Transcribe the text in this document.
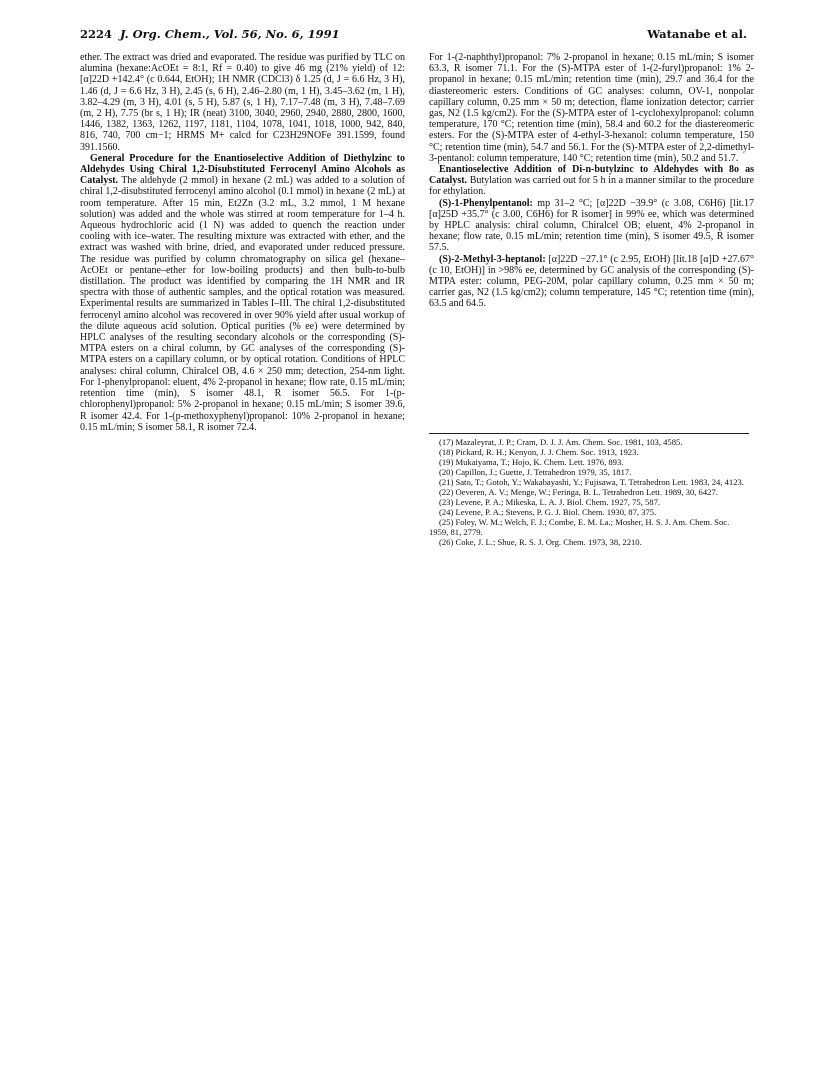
2224 J. Org. Chem., Vol. 56, No. 6, 1991	Watanabe et al.

ether. The extract was dried and evaporated. The residue was purified by TLC on alumina (hexane:AcOEt = 8:1, Rf = 0.40) to give 46 mg (21% yield) of 12: [α]22D +142.4° (c 0.644, EtOH); 1H NMR (CDCl3) δ 1.25 (d, J = 6.6 Hz, 3 H), 1.46 (d, J = 6.6 Hz, 3 H), 2.45 (s, 6 H), 2.46–2.80 (m, 1 H), 3.45–3.62 (m, 1 H), 3.82–4.29 (m, 3 H), 4.01 (s, 5 H), 5.87 (s, 1 H), 7.17–7.48 (m, 3 H), 7.48–7.69 (m, 2 H), 7.75 (br s, 1 H); IR (neat) 3100, 3040, 2960, 2940, 2880, 2800, 1600, 1446, 1382, 1363, 1262, 1197, 1181, 1104, 1078, 1041, 1018, 1000, 942, 840, 816, 740, 700 cm−1; HRMS M+ calcd for C23H29NOFe 391.1599, found 391.1560.

General Procedure for the Enantioselective Addition of Diethylzinc to Aldehydes Using Chiral 1,2-Disubstituted Ferrocenyl Amino Alcohols as Catalyst. The aldehyde (2 mmol) in hexane (2 mL) was added to a solution of chiral 1,2-disubstituted ferrocenyl amino alcohol (0.1 mmol) in hexane (2 mL) at room temperature. After 15 min, Et2Zn (3.2 mL, 3.2 mmol, 1 M hexane solution) was added and the whole was stirred at room temperature for 1–4 h. Aqueous hydrochloric acid (1 N) was added to quench the reaction under cooling with ice–water. The resulting mixture was extracted with ether, and the extract was washed with brine, dried, and evaporated under reduced pressure. The residue was purified by column chromatography on silica gel (hexane–AcOEt or pentane–ether for low-boiling products) and then bulb-to-bulb distillation. The product was identified by comparing the 1H NMR and IR spectra with those of authentic samples, and the optical rotation was measured. Experimental results are summarized in Tables I–III. The chiral 1,2-disubstituted ferrocenyl amino alcohol was recovered in over 90% yield after usual workup of the dilute aqueous acid solution. Optical purities (% ee) were determined by HPLC analyses of the resulting secondary alcohols or the corresponding (S)-MTPA esters on a chiral column, by GC analyses of the corresponding (S)-MTPA esters on a capillary column, or by optical rotation. Conditions of HPLC analyses: chiral column, Chiralcel OB, 4.6 × 250 mm; detection, 254-nm light. For 1-phenylpropanol: eluent, 4% 2-propanol in hexane; flow rate, 0.15 mL/min; retention time (min), S isomer 48.1, R isomer 56.5. For 1-(p-chlorophenyl)propanol: 5% 2-propanol in hexane; 0.15 mL/min; S isomer 39.6, R isomer 42.4. For 1-(p-methoxyphenyl)propanol: 10% 2-propanol in hexane; 0.15 mL/min; S isomer 58.1, R isomer 72.4.

For 1-(2-naphthyl)propanol: 7% 2-propanol in hexane; 0.15 mL/min; S isomer 63.3, R isomer 71.1. For the (S)-MTPA ester of 1-(2-furyl)propanol: 1% 2-propanol in hexane; 0.15 mL/min; retention time (min), 29.7 and 36.4 for the diastereomeric esters. Conditions of GC analyses: column, OV-1, nonpolar capillary column, 0.25 mm × 50 m; detection, flame ionization detector; carrier gas, N2 (1.5 kg/cm2). For the (S)-MTPA ester of 1-cyclohexylpropanol: column temperature, 170 °C; retention time (min), 58.4 and 60.2 for the diastereomeric esters. For the (S)-MTPA ester of 4-ethyl-3-hexanol: column temperature, 150 °C; retention time (min), 54.7 and 56.1. For the (S)-MTPA ester of 2,2-dimethyl-3-pentanol: column temperature, 140 °C; retention time (min), 50.2 and 51.7.

Enantioselective Addition of Di-n-butylzinc to Aldehydes with 8o as Catalyst. Butylation was carried out for 5 h in a manner similar to the procedure for ethylation.

(S)-1-Phenylpentanol: mp 31–2 °C; [α]22D −39.9° (c 3.08, C6H6) [lit.17 [α]25D +35.7° (c 3.00, C6H6) for R isomer] in 99% ee, which was determined by HPLC analysis: chiral column, Chiralcel OB; eluent, 4% 2-propanol in hexane; flow rate, 0.15 mL/min; retention time (min), S isomer 49.5, R isomer 57.5.

(S)-2-Methyl-3-heptanol: [α]22D −27.1° (c 2.95, EtOH) [lit.18 [α]D +27.67° (c 10, EtOH)] in >98% ee, determined by GC analysis of the corresponding (S)-MTPA ester: column, PEG-20M, polar capillary column, 0.25 mm × 50 m; carrier gas, N2 (1.5 kg/cm2); column temperature, 145 °C; retention time (min), 63.5 and 64.5.

(17) Mazaleyrat, J. P.; Cram, D. J. J. Am. Chem. Soc. 1981, 103, 4585.
(18) Pickard, R. H.; Kenyon, J. J. Chem. Soc. 1913, 1923.
(19) Mukaiyama, T.; Hojo, K. Chem. Lett. 1976, 893.
(20) Capillon, J.; Guette, J. Tetrahedron 1979, 35, 1817.
(21) Sato, T.; Gotoh, Y.; Wakabayashi, Y.; Fujisawa, T. Tetrahedron Lett. 1983, 24, 4123.
(22) Oeveren, A. V.; Menge, W.; Feringa, B. L. Tetrahedron Lett. 1989, 30, 6427.
(23) Levene, P. A.; Mikeska, L. A. J. Biol. Chem. 1927, 75, 587.
(24) Levene, P. A.; Stevens, P. G. J. Biol. Chem. 1930, 87, 375.
(25) Foley, W. M.; Welch, F. J.; Combe, E. M. La.; Mosher, H. S. J. Am. Chem. Soc. 1959, 81, 2779.
(26) Coke, J. L.; Shue, R. S. J. Org. Chem. 1973, 38, 2210.
